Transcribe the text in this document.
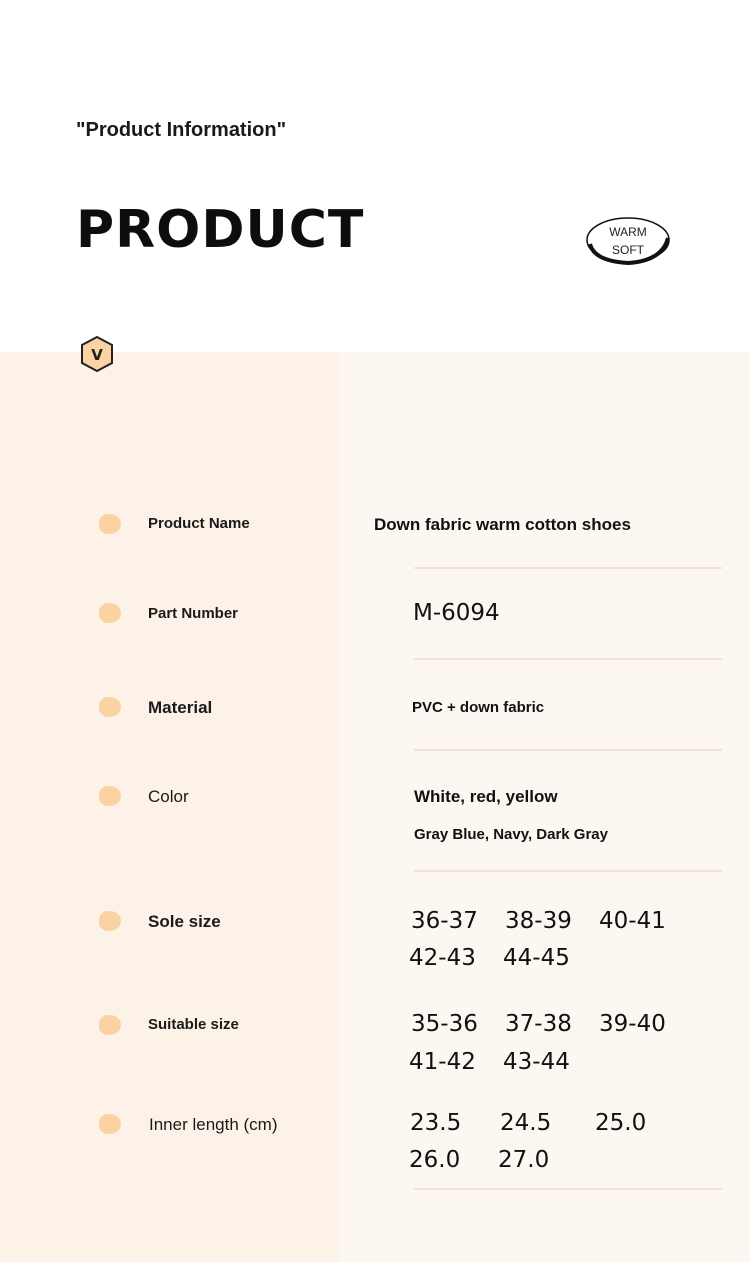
"Product Information"
PRODUCT	WARM
SOFT
V
Product Name	Down fabric warm cotton shoes
Part Number	M-6094
Material	PVC + down fabric
Color	White, red, yellow
Gray Blue, Navy, Dark Gray
Sole size	36-37 38-39 40-41
42-43 44-45
Suitable size	35-36 37-38 39-40
41-42 43-44
Inner length (cm)	23.5 24.5 25.0
26.0 27.0
